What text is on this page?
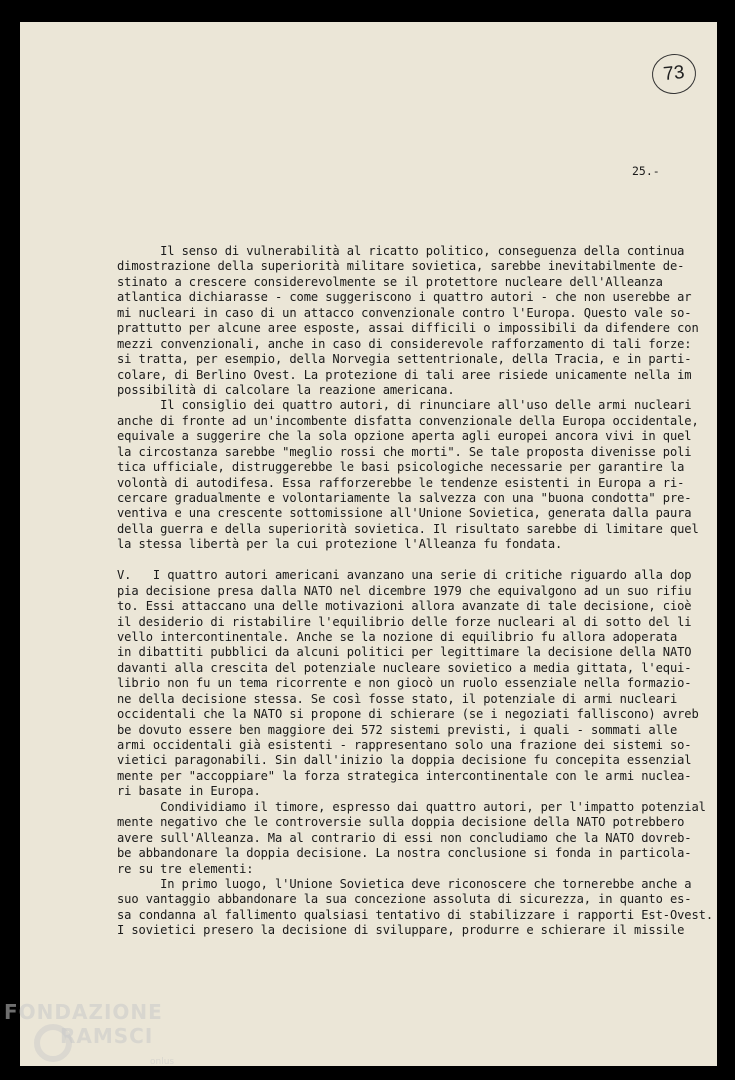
73
25.-
Il senso di vulnerabilità al ricatto politico, conseguenza della continua
dimostrazione della superiorità militare sovietica, sarebbe inevitabilmente de-
stinato a crescere considerevolmente se il protettore nucleare dell'Alleanza
atlantica dichiarasse - come suggeriscono i quattro autori - che non userebbe ar
mi nucleari in caso di un attacco convenzionale contro l'Europa. Questo vale so-
prattutto per alcune aree esposte, assai difficili o impossibili da difendere con
mezzi convenzionali, anche in caso di considerevole rafforzamento di tali forze:
si tratta, per esempio, della Norvegia settentrionale, della Tracia, e in parti-
colare, di Berlino Ovest. La protezione di tali aree risiede unicamente nella im
possibilità di calcolare la reazione americana.
Il consiglio dei quattro autori, di rinunciare all'uso delle armi nucleari
anche di fronte ad un'incombente disfatta convenzionale della Europa occidentale,
equivale a suggerire che la sola opzione aperta agli europei ancora vivi in quel
la circostanza sarebbe "meglio rossi che morti". Se tale proposta divenisse poli
tica ufficiale, distruggerebbe le basi psicologiche necessarie per garantire la
volontà di autodifesa. Essa rafforzerebbe le tendenze esistenti in Europa a ri-
cercare gradualmente e volontariamente la salvezza con una "buona condotta" pre-
ventiva e una crescente sottomissione all'Unione Sovietica, generata dalla paura
della guerra e della superiorità sovietica. Il risultato sarebbe di limitare quel
la stessa libertà per la cui protezione l'Alleanza fu fondata.
V.   I quattro autori americani avanzano una serie di critiche riguardo alla dop
pia decisione presa dalla NATO nel dicembre 1979 che equivalgono ad un suo rifiu
to. Essi attaccano una delle motivazioni allora avanzate di tale decisione, cioè
il desiderio di ristabilire l'equilibrio delle forze nucleari al di sotto del li
vello intercontinentale. Anche se la nozione di equilibrio fu allora adoperata
in dibattiti pubblici da alcuni politici per legittimare la decisione della NATO
davanti alla crescita del potenziale nucleare sovietico a media gittata, l'equi-
librio non fu un tema ricorrente e non giocò un ruolo essenziale nella formazio-
ne della decisione stessa. Se così fosse stato, il potenziale di armi nucleari
occidentali che la NATO si propone di schierare (se i negoziati falliscono) avreb
be dovuto essere ben maggiore dei 572 sistemi previsti, i quali - sommati alle
armi occidentali già esistenti - rappresentano solo una frazione dei sistemi so-
vietici paragonabili. Sin dall'inizio la doppia decisione fu concepita essenzial
mente per "accoppiare" la forza strategica intercontinentale con le armi nuclea-
ri basate in Europa.
Condividiamo il timore, espresso dai quattro autori, per l'impatto potenzial
mente negativo che le controversie sulla doppia decisione della NATO potrebbero
avere sull'Alleanza. Ma al contrario di essi non concludiamo che la NATO dovreb-
be abbandonare la doppia decisione. La nostra conclusione si fonda in particola-
re su tre elementi:
In primo luogo, l'Unione Sovietica deve riconoscere che tornerebbe anche a
suo vantaggio abbandonare la sua concezione assoluta di sicurezza, in quanto es-
sa condanna al fallimento qualsiasi tentativo di stabilizzare i rapporti Est-Ovest.
I sovietici presero la decisione di sviluppare, produrre e schierare il missile
FONDAZIONE
RAMSCI
onlus
